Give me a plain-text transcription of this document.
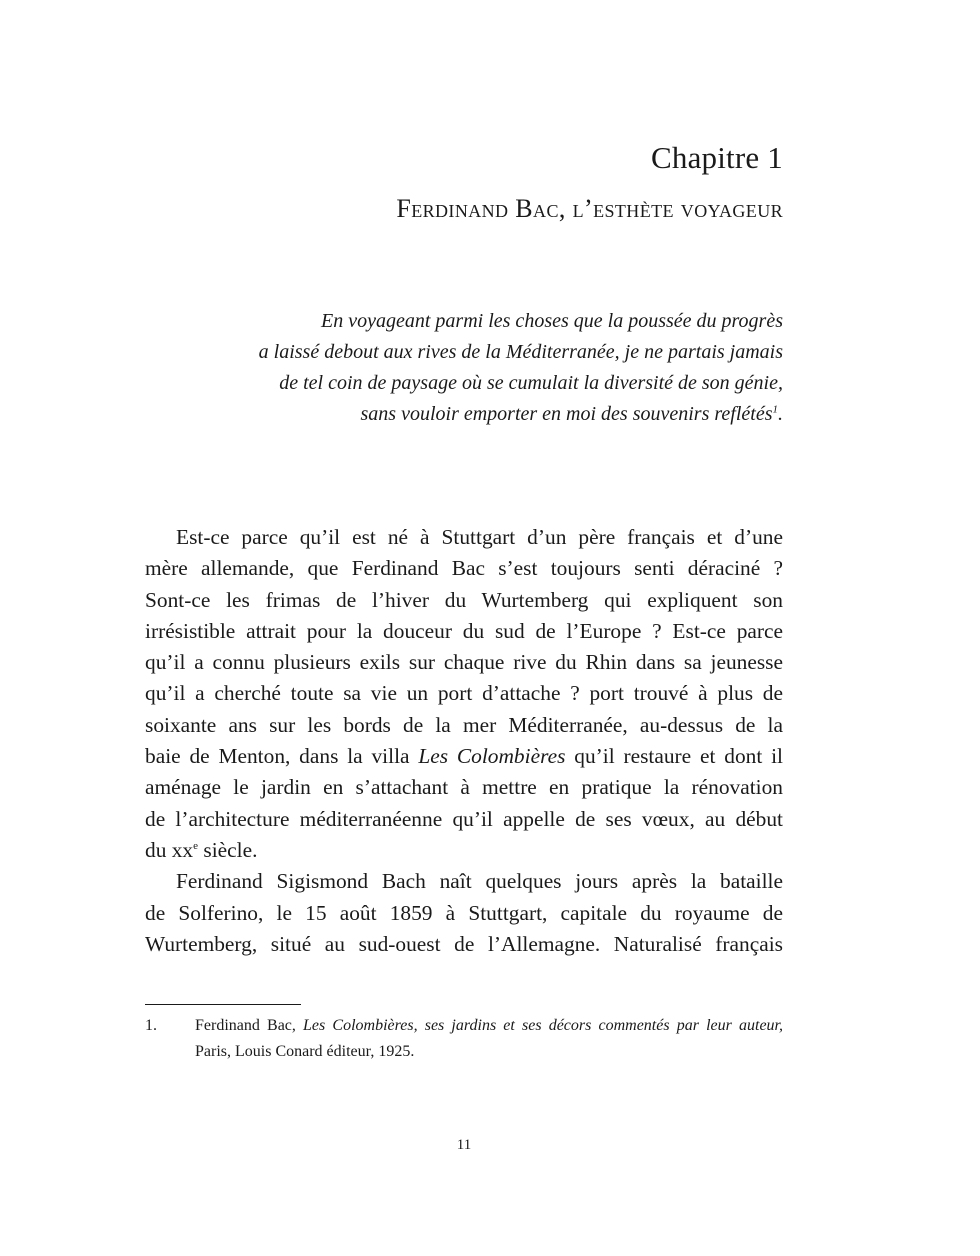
Chapitre 1
Ferdinand Bac, l’esthète voyageur
En voyageant parmi les choses que la poussée du progrès
a laissé debout aux rives de la Méditerranée, je ne partais jamais
de tel coin de paysage où se cumulait la diversité de son génie,
sans vouloir emporter en moi des souvenirs reflétés$^1$.
Est-ce parce qu’il est né à Stuttgart d’un père français et d’une
mère allemande, que Ferdinand Bac s’est toujours senti déraciné ?
Sont-ce les frimas de l’hiver du Wurtemberg qui expliquent son
irrésistible attrait pour la douceur du sud de l’Europe ? Est-ce parce
qu’il a connu plusieurs exils sur chaque rive du Rhin dans sa jeunesse
qu’il a cherché toute sa vie un port d’attache ? port trouvé à plus de
soixante ans sur les bords de la mer Méditerranée, au-dessus de la
baie de Menton, dans la villa Les Colombières qu’il restaure et dont il
aménage le jardin en s’attachant à mettre en pratique la rénovation
de l’architecture méditerranéenne qu’il appelle de ses vœux, au début
du $xx^e$ siècle.
Ferdinand Sigismond Bach naît quelques jours après la bataille
de Solferino, le 15 août 1859 à Stuttgart, capitale du royaume de
Wurtemberg, situé au sud-ouest de l’Allemagne. Naturalisé français
1. Ferdinand Bac, Les Colombières, ses jardins et ses décors commentés par leur auteur,
Paris, Louis Conard éditeur, 1925.
11
